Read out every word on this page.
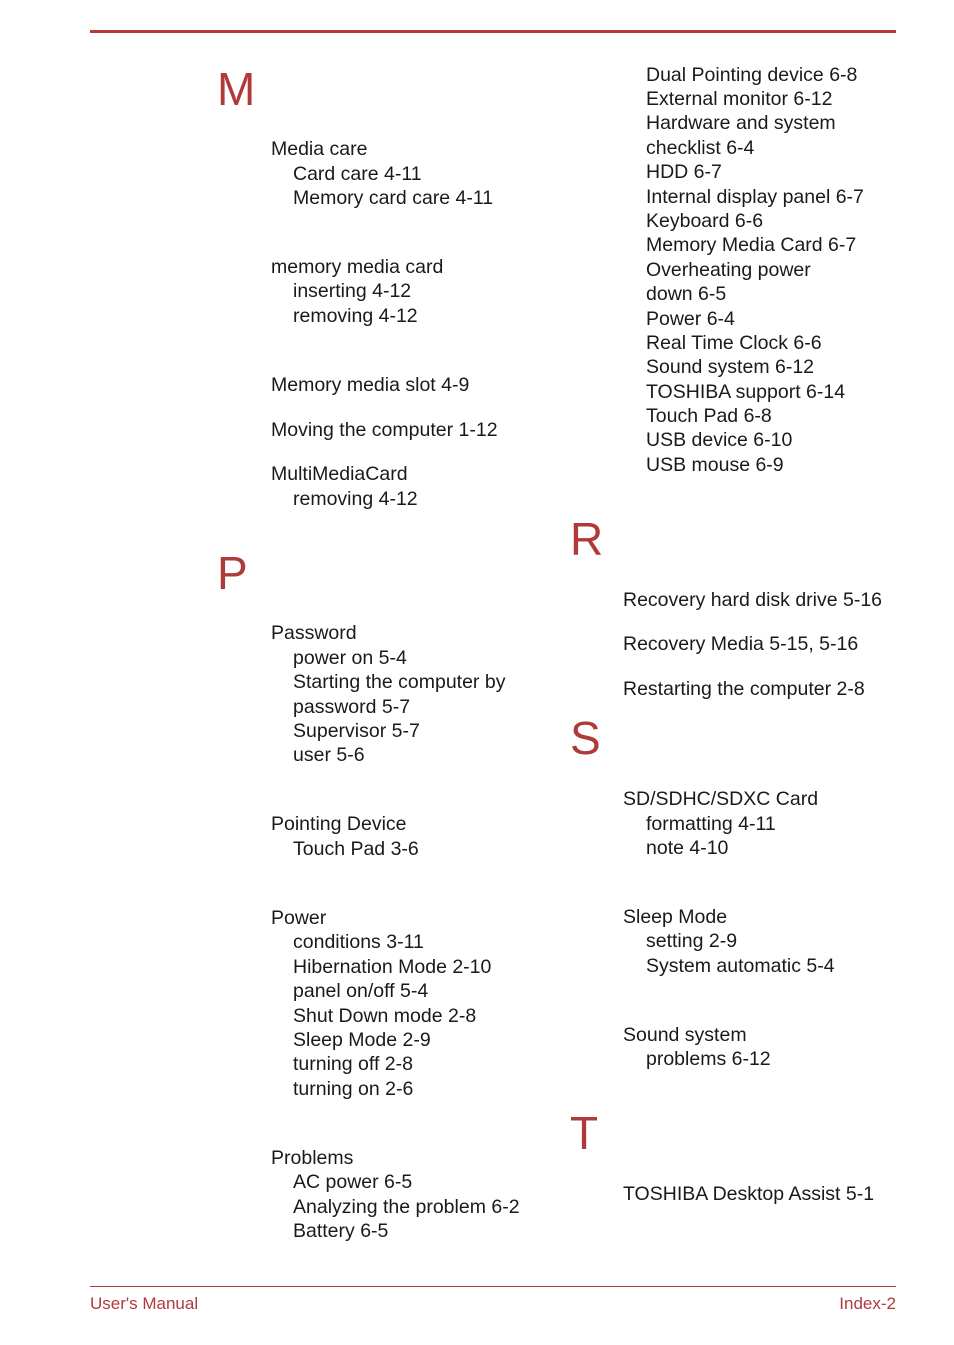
M
P
R
S
T
Media care
Card care 4-11
Memory card care 4-11
memory media card
inserting 4-12
removing 4-12
Memory media slot 4-9
Moving the computer 1-12
MultiMediaCard
removing 4-12
Password
power on 5-4
Starting the computer by
password 5-7
Supervisor 5-7
user 5-6
Pointing Device
Touch Pad 3-6
Power
conditions 3-11
Hibernation Mode 2-10
panel on/off 5-4
Shut Down mode 2-8
Sleep Mode 2-9
turning off 2-8
turning on 2-6
Problems
AC power 6-5
Analyzing the problem 6-2
Battery 6-5
Dual Pointing device 6-8
External monitor 6-12
Hardware and system
checklist 6-4
HDD 6-7
Internal display panel 6-7
Keyboard 6-6
Memory Media Card 6-7
Overheating power
down 6-5
Power 6-4
Real Time Clock 6-6
Sound system 6-12
TOSHIBA support 6-14
Touch Pad 6-8
USB device 6-10
USB mouse 6-9
Recovery hard disk drive 5-16
Recovery Media 5-15, 5-16
Restarting the computer 2-8
SD/SDHC/SDXC Card
formatting 4-11
note 4-10
Sleep Mode
setting 2-9
System automatic 5-4
Sound system
problems 6-12
TOSHIBA Desktop Assist 5-1
User's Manual	Index-2
